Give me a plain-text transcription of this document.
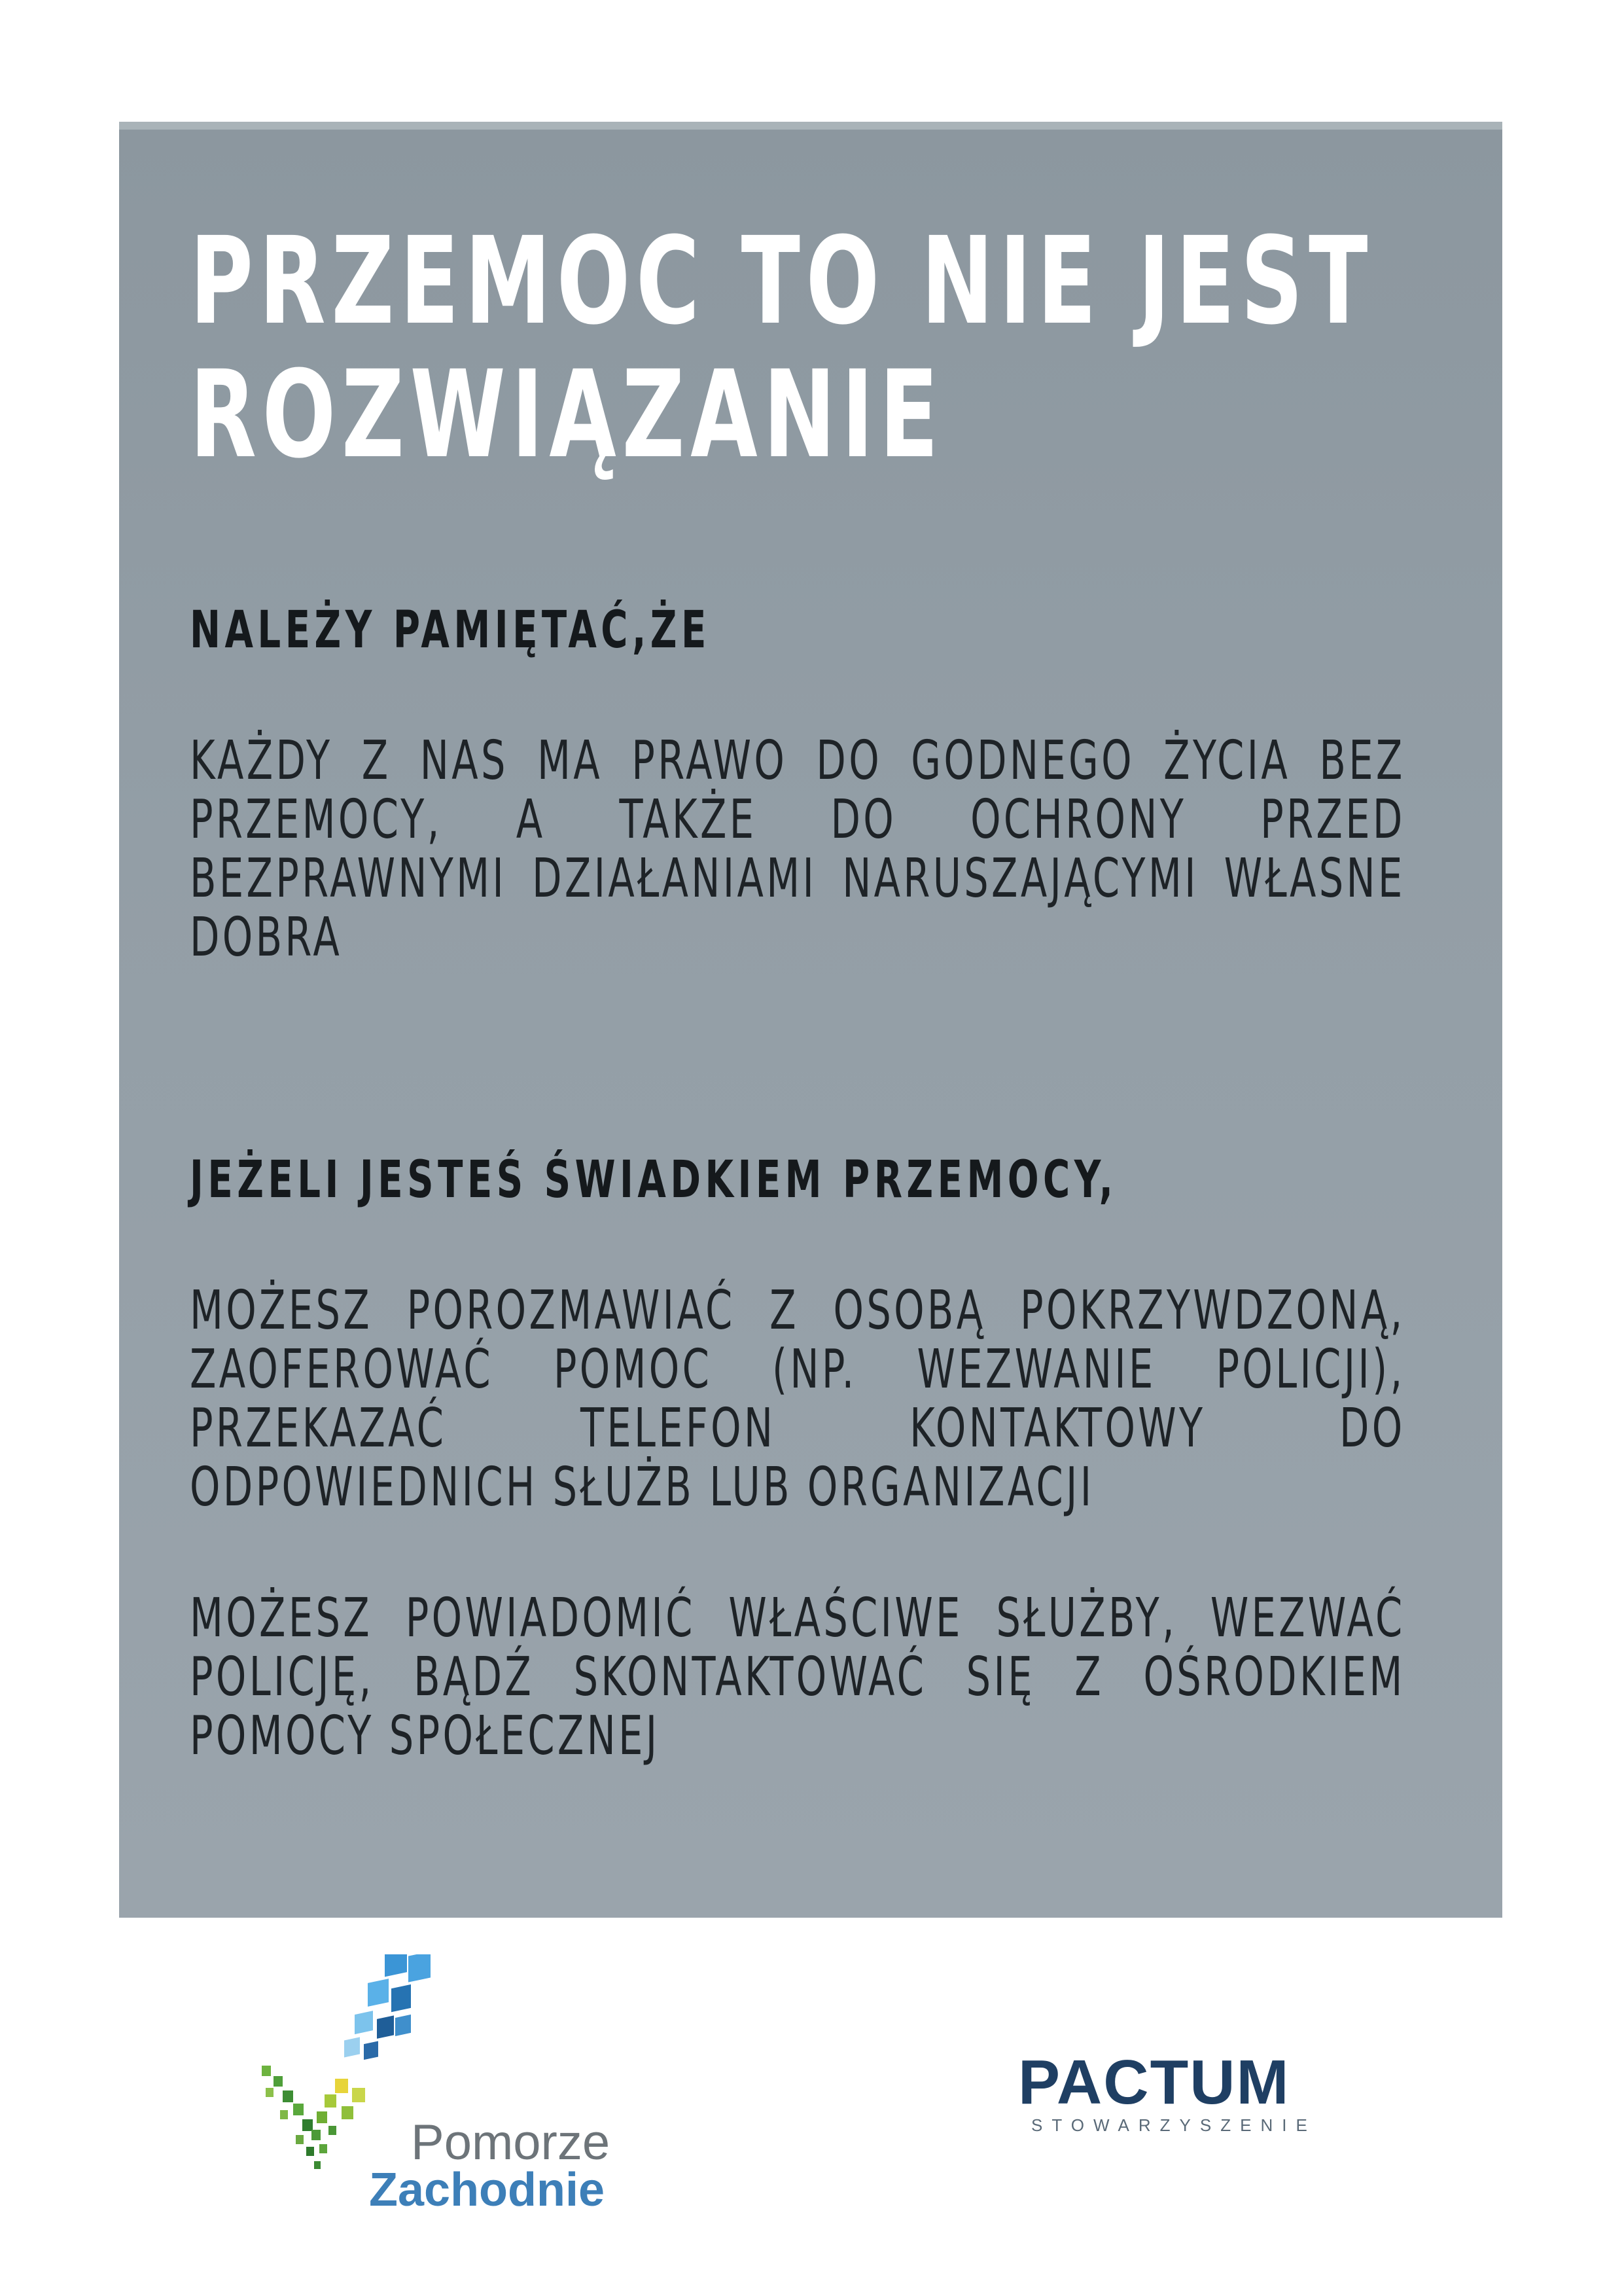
PRZEMOC TO NIE JEST
ROZWIĄZANIE
NALEŻY PAMIĘTAĆ,ŻE

KAŻDY Z NAS MA PRAWO DO GODNEGO ŻYCIA BEZ PRZEMOCY, A TAKŻE DO OCHRONY PRZED BEZPRAWNYMI DZIAŁANIAMI NARUSZAJĄCYMI WŁASNE DOBRA

JEŻELI JESTEŚ ŚWIADKIEM PRZEMOCY,

MOŻESZ POROZMAWIAĆ Z OSOBĄ POKRZYWDZONĄ, ZAOFEROWAĆ POMOC (NP. WEZWANIE POLICJI), PRZEKAZAĆ TELEFON KONTAKTOWY DO ODPOWIEDNICH SŁUŻB LUB ORGANIZACJI

MOŻESZ POWIADOMIĆ WŁAŚCIWE SŁUŻBY, WEZWAĆ POLICJĘ, BĄDŹ SKONTAKTOWAĆ SIĘ Z OŚRODKIEM POMOCY SPOŁECZNEJ

Pomorze
Zachodnie
PACTUM
STOWARZYSZENIE
